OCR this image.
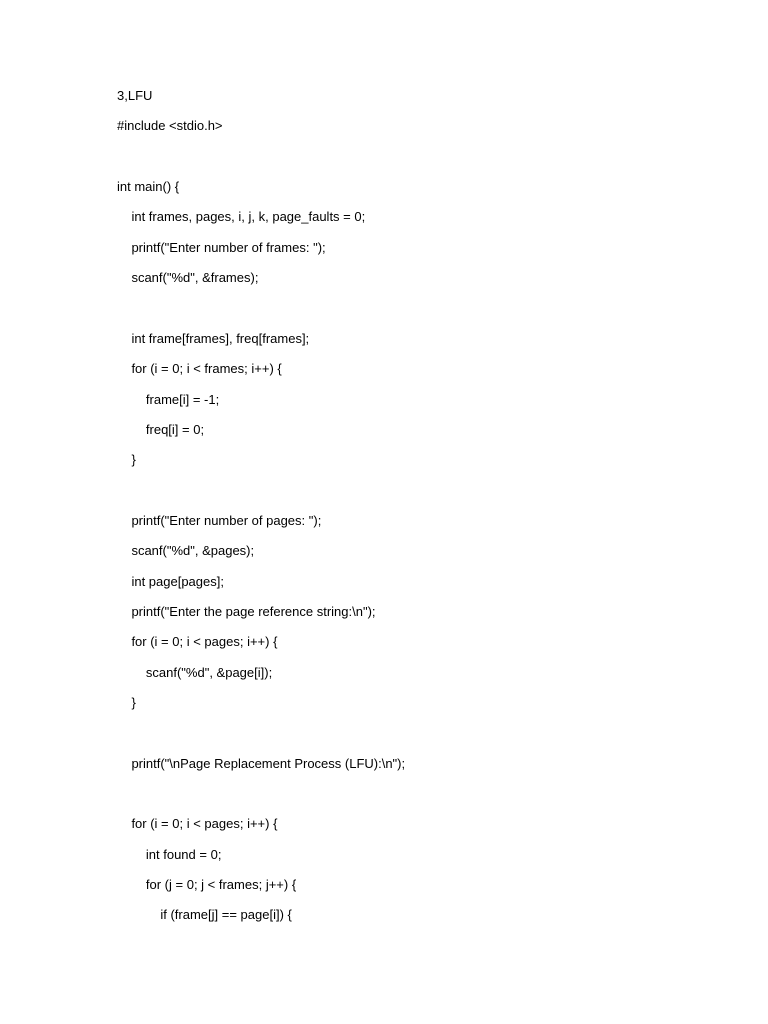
3,LFU
#include <stdio.h>
int main() {
int frames, pages, i, j, k, page_faults = 0;
printf("Enter number of frames: ");
scanf("%d", &frames);
int frame[frames], freq[frames];
for (i = 0; i < frames; i++) {
frame[i] = -1;
freq[i] = 0;
}
printf("Enter number of pages: ");
scanf("%d", &pages);
int page[pages];
printf("Enter the page reference string:\n");
for (i = 0; i < pages; i++) {
scanf("%d", &page[i]);
}
printf("\nPage Replacement Process (LFU):\n");
for (i = 0; i < pages; i++) {
int found = 0;
for (j = 0; j < frames; j++) {
if (frame[j] == page[i]) {
